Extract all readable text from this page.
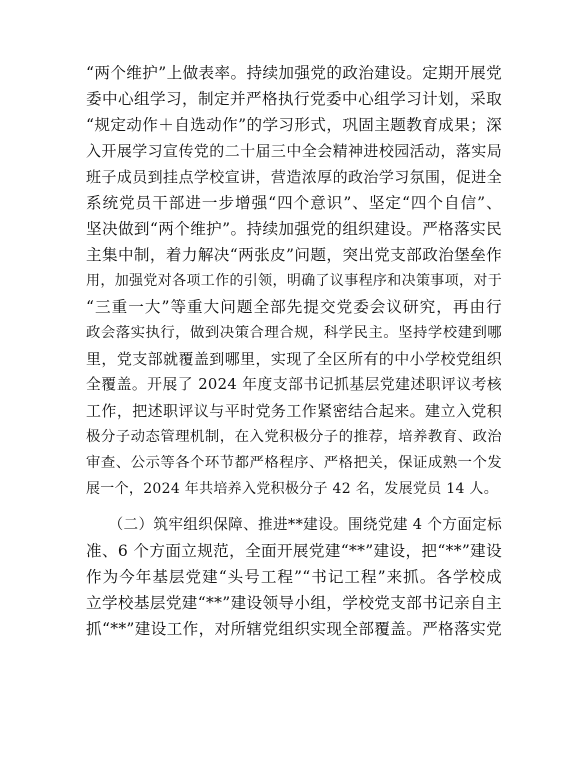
“两个维护”上做表率。持续加强党的政治建设。定期开展党
委中心组学习，制定并严格执行党委中心组学习计划，采取
“规定动作＋自选动作”的学习形式，巩固主题教育成果；深
入开展学习宣传党的二十届三中全会精神进校园活动，落实局
班子成员到挂点学校宣讲，营造浓厚的政治学习氛围，促进全
系统党员干部进一步增强“四个意识”、坚定“四个自信”、
坚决做到“两个维护”。持续加强党的组织建设。严格落实民
主集中制，着力解决“两张皮”问题，突出党支部政治堡垒作
用，加强党对各项工作的引领，明确了议事程序和决策事项，对于
“三重一大”等重大问题全部先提交党委会议研究，再由行
政会落实执行，做到决策合理合规，科学民主。坚持学校建到哪
里，党支部就覆盖到哪里，实现了全区所有的中小学校党组织
全覆盖。开展了 2024 年度支部书记抓基层党建述职评议考核
工作，把述职评议与平时党务工作紧密结合起来。建立入党积
极分子动态管理机制，在入党积极分子的推荐，培养教育、政治
审查、公示等各个环节都严格程序、严格把关，保证成熟一个发
展一个，2024 年共培养入党积极分子 42 名，发展党员 14 人。
　　（二）筑牢组织保障、推进**建设。围绕党建 4 个方面定标
准、6 个方面立规范，全面开展党建“**”建设，把“**”建设
作为今年基层党建“头号工程”“书记工程”来抓。各学校成
立学校基层党建“**”建设领导小组，学校党支部书记亲自主
抓“**”建设工作，对所辖党组织实现全部覆盖。严格落实党
